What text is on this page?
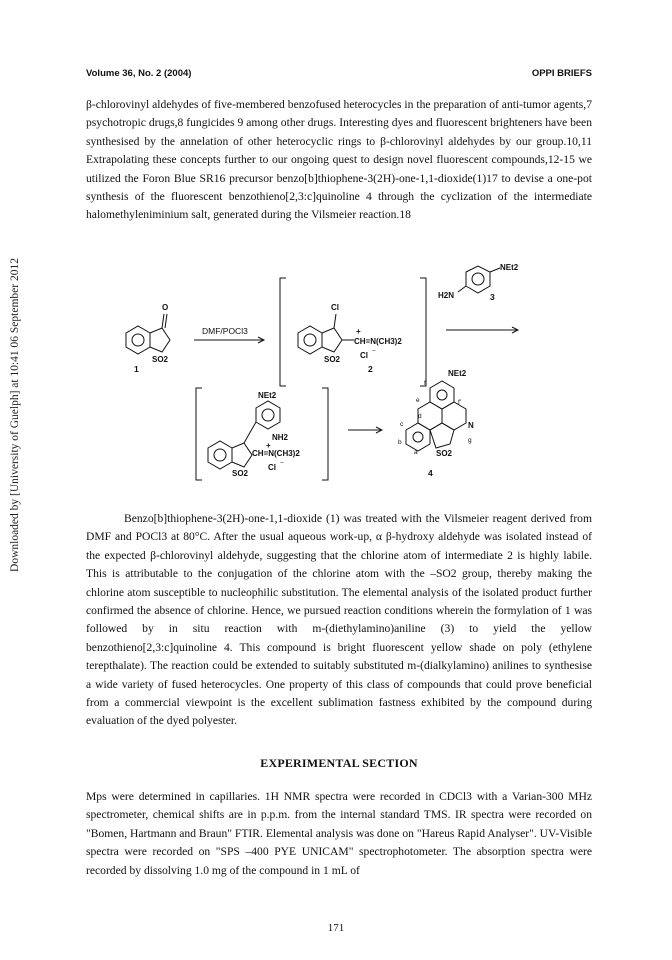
Volume 36, No. 2 (2004)	OPPI BRIEFS
Downloaded by [University of Guelph] at 10:41 06 September 2012
β-chlorovinyl aldehydes of five-membered benzofused heterocycles in the preparation of anti-tumor agents,7 psychotropic drugs,8 fungicides 9 among other drugs. Interesting dyes and fluorescent brighteners have been synthesised by the annelation of other heterocyclic rings to β-chlorovinyl aldehydes by our group.10,11 Extrapolating these concepts further to our ongoing quest to design novel fluorescent compounds,12-15 we utilized the Foron Blue SR16 precursor benzo[b]thiophene-3(2H)-one-1,1-dioxide(1)17 to devise a one-pot synthesis of the fluorescent benzothieno[2,3:c]quinoline 4 through the cyclization of the intermediate halomethyleniminium salt, generated during the Vilsmeier reaction.18
O
SO2
1
DMF/POCl3
Cl
+
CH=N(CH3)2
SO2 Cl −
2
NEt2
H2N	3
NEt2
NH2
+
CH=N(CH3)2
SO2
Cl −
NEt2
N
SO2
4
a
b
c
d
e
f
f'
g
Benzo[b]thiophene-3(2H)-one-1,1-dioxide (1) was treated with the Vilsmeier reagent derived from DMF and POCl3 at 80°C. After the usual aqueous work-up, α β-hydroxy aldehyde was isolated instead of the expected β-chlorovinyl aldehyde, suggesting that the chlorine atom of intermediate 2 is highly labile. This is attributable to the conjugation of the chlorine atom with the –SO2 group, thereby making the chlorine atom susceptible to nucleophilic substitution. The elemental analysis of the isolated product further confirmed the absence of chlorine. Hence, we pursued reaction conditions wherein the formylation of 1 was followed by in situ reaction with m-(diethylamino)aniline (3) to yield the yellow benzothieno[2,3:c]quinoline 4. This compound is bright fluorescent yellow shade on poly (ethylene terepthalate). The reaction could be extended to suitably substituted m-(dialkylamino) anilines to synthesise a wide variety of fused heterocycles. One property of this class of compounds that could prove beneficial from a commercial viewpoint is the excellent sublimation fastness exhibited by the compound during evaluation of the dyed polyester.
EXPERIMENTAL SECTION
Mps were determined in capillaries. 1H NMR spectra were recorded in CDCl3 with a Varian-300 MHz spectrometer, chemical shifts are in p.p.m. from the internal standard TMS. IR spectra were recorded on "Bomen, Hartmann and Braun" FTIR. Elemental analysis was done on "Hareus Rapid Analyser". UV-Visible spectra were recorded on "SPS –400 PYE UNICAM" spectrophotometer. The absorption spectra were recorded by dissolving 1.0 mg of the compound in 1 mL of
171
